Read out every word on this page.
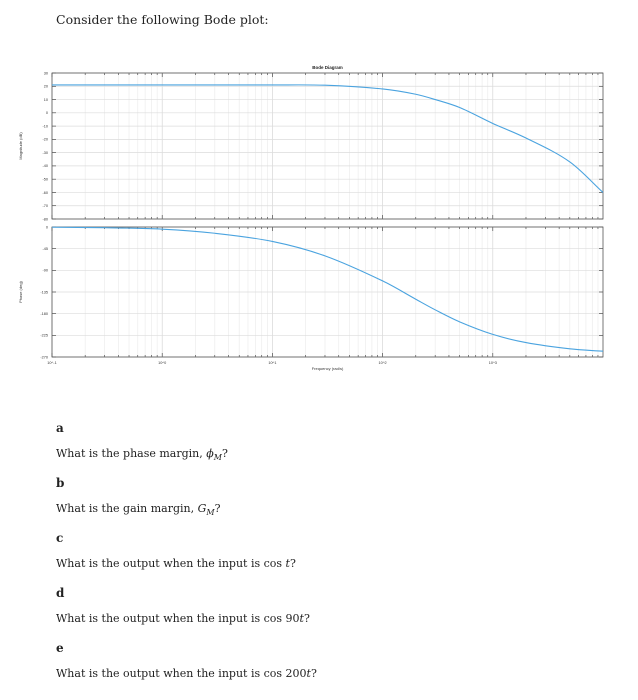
Consider the following Bode plot:
Bode Diagram
30
20
10
0
-10
-20
-30
-40
-50
-60
-70
-80
Magnitude (dB)
0
-45
-90
-135
-180
-225
-270
Phase (deg)
10^-1	10^0	10^1	10^2	10^3
Frequency (rad/s)
a
What is the phase margin, $\phi_M$?
b
What is the gain margin, $G_M$?
c
What is the output when the input is cos t?
d
What is the output when the input is cos 90t?
e
What is the output when the input is cos 200t?
